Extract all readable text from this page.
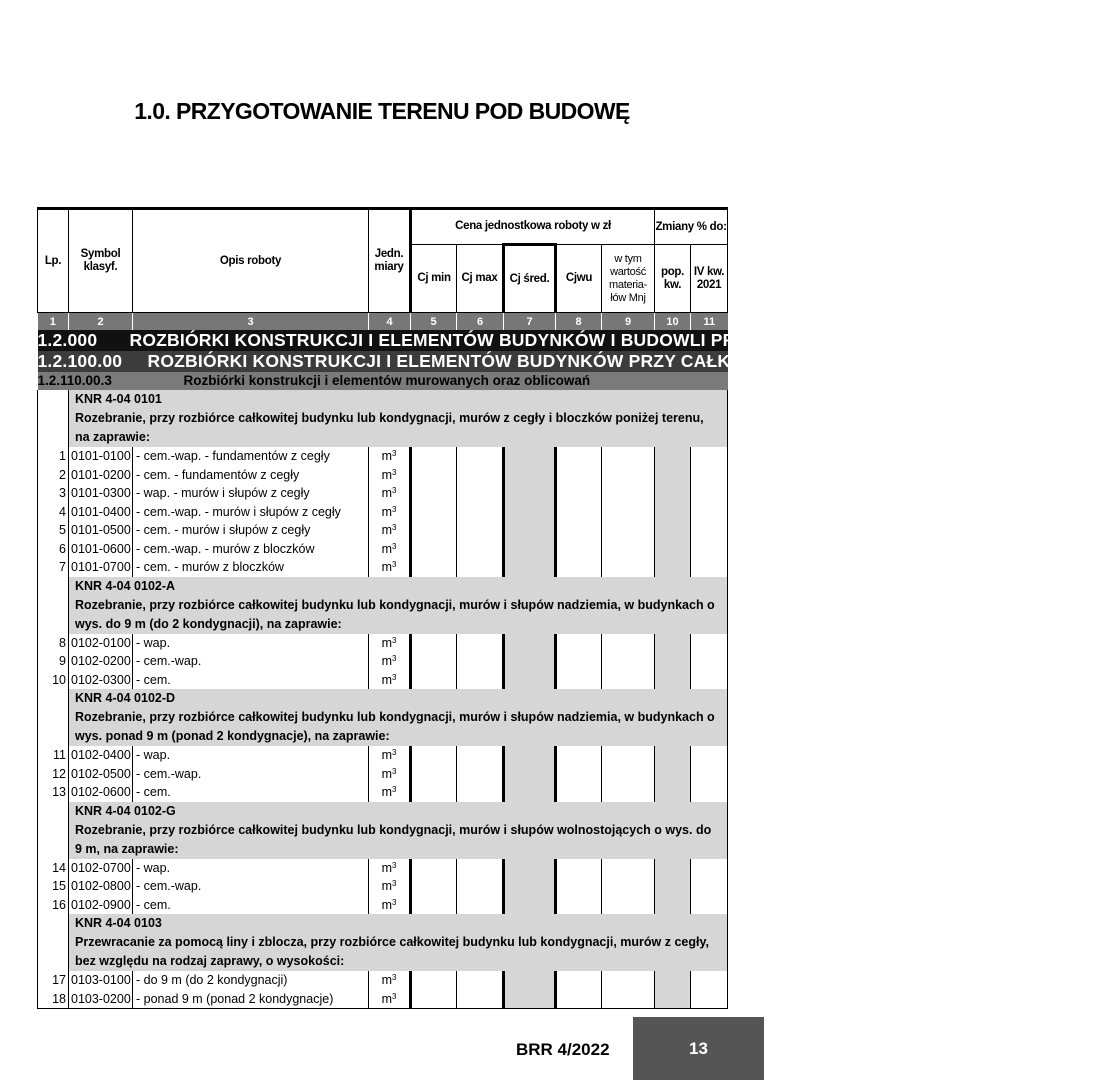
1.0. PRZYGOTOWANIE TERENU POD BUDOWĘ
Lp.	Symbol klasyf.	Opis roboty	Jedn. miary	Cena jednostkowa roboty w zł					Zmiany % do:	
				Cj min	Cj max	Cj śred.	Cjwu	w tym wartość materia-łów Mnj	pop. kw.	IV kw. 2021
1	2	3	4	5	6	7	8	9	10	11
1.2.000 ROZBIÓRKI KONSTRUKCJI I ELEMENTÓW BUDYNKÓW I BUDOWLI PRZY CAŁKOWITEJ ROZBIÓRCE OBIEKTÓW										
1.2.100.00 ROZBIÓRKI KONSTRUKCJI I ELEMENTÓW BUDYNKÓW PRZY CAŁKOWITEJ ROZBIÓRCE OBIEKTÓW										
1.2.110.00.3 Rozbiórki konstrukcji i elementów murowanych oraz oblicowań										
	KNR 4-04 0101Rozebranie, przy rozbiórce całkowitej budynku lub kondygnacji, murów z cegły i bloczków poniżej terenu, na zaprawie:									
1	0101-0100	- cem.-wap. - fundamentów z cegły	$m^3$							
2	0101-0200	- cem. - fundamentów z cegły	$m^3$							
3	0101-0300	- wap. - murów i słupów z cegły	$m^3$							
4	0101-0400	- cem.-wap. - murów i słupów z cegły	$m^3$							
5	0101-0500	- cem. - murów i słupów z cegły	$m^3$							
6	0101-0600	- cem.-wap. - murów z bloczków	$m^3$							
7	0101-0700	- cem. - murów z bloczków	$m^3$							
	KNR 4-04 0102-ARozebranie, przy rozbiórce całkowitej budynku lub kondygnacji, murów i słupów nadziemia, w budynkach o wys. do 9 m (do 2 kondygnacji), na zaprawie:									
8	0102-0100	- wap.	$m^3$							
9	0102-0200	- cem.-wap.	$m^3$							
10	0102-0300	- cem.	$m^3$							
	KNR 4-04 0102-DRozebranie, przy rozbiórce całkowitej budynku lub kondygnacji, murów i słupów nadziemia, w budynkach o wys. ponad 9 m (ponad 2 kondygnacje), na zaprawie:									
11	0102-0400	- wap.	$m^3$							
12	0102-0500	- cem.-wap.	$m^3$							
13	0102-0600	- cem.	$m^3$							
	KNR 4-04 0102-GRozebranie, przy rozbiórce całkowitej budynku lub kondygnacji, murów i słupów wolnostojących o wys. do 9 m, na zaprawie:									
14	0102-0700	- wap.	$m^3$							
15	0102-0800	- cem.-wap.	$m^3$							
16	0102-0900	- cem.	$m^3$							
	KNR 4-04 0103Przewracanie za pomocą liny i zblocza, przy rozbiórce całkowitej budynku lub kondygnacji, murów z cegły, bez względu na rodzaj zaprawy, o wysokości:									
17	0103-0100	- do 9 m (do 2 kondygnacji)	$m^3$							
18	0103-0200	- ponad 9 m (ponad 2 kondygnacje)	$m^3$							
BRR 4/2022	13
